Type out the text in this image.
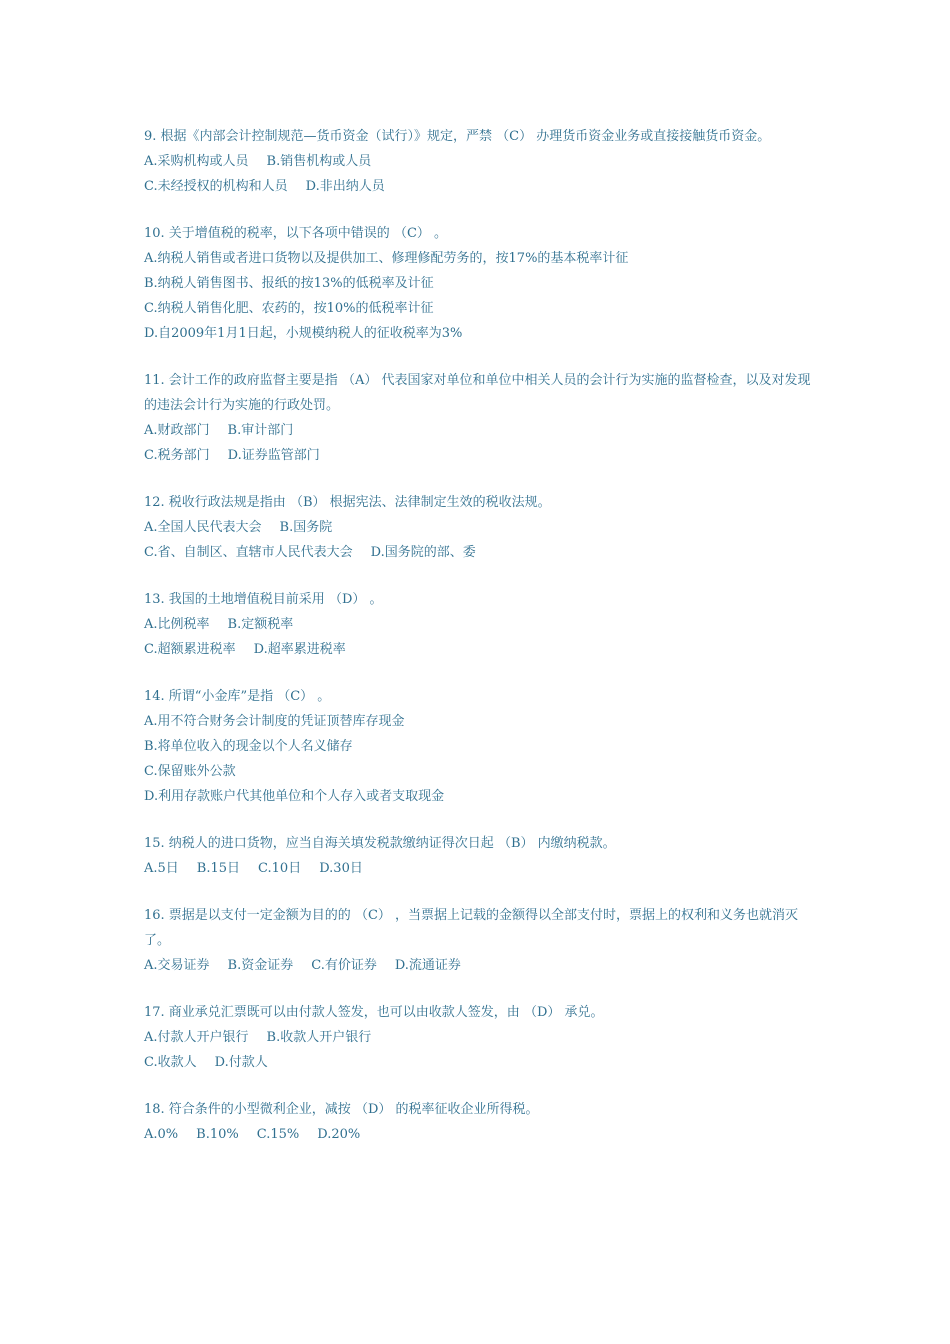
9. 根据《内部会计控制规范—货币资金（试行）》规定，严禁 （C） 办理货币资金业务或直接接触货币资金。
A.采购机构或人员 B.销售机构或人员
C.未经授权的机构和人员 D.非出纳人员
10. 关于增值税的税率，以下各项中错误的 （C） 。
A.纳税人销售或者进口货物以及提供加工、修理修配劳务的，按17%的基本税率计征
B.纳税人销售图书、报纸的按13%的低税率及计征
C.纳税人销售化肥、农药的，按10%的低税率计征
D.自2009年1月1日起，小规模纳税人的征收税率为3%
11. 会计工作的政府监督主要是指 （A） 代表国家对单位和单位中相关人员的会计行为实施的监督检查，以及对发现的违法会计行为实施的行政处罚。
A.财政部门 B.审计部门
C.税务部门 D.证券监管部门
12. 税收行政法规是指由 （B） 根据宪法、法律制定生效的税收法规。
A.全国人民代表大会 B.国务院
C.省、自制区、直辖市人民代表大会 D.国务院的部、委
13. 我国的土地增值税目前采用 （D） 。
A.比例税率 B.定额税率
C.超额累进税率 D.超率累进税率
14. 所谓“小金库”是指 （C） 。
A.用不符合财务会计制度的凭证顶替库存现金
B.将单位收入的现金以个人名义储存
C.保留账外公款
D.利用存款账户代其他单位和个人存入或者支取现金
15. 纳税人的进口货物，应当自海关填发税款缴纳证得次日起 （B） 内缴纳税款。
A.5日 B.15日 C.10日 D.30日
16. 票据是以支付一定金额为目的的 （C） ，当票据上记载的金额得以全部支付时，票据上的权利和义务也就消灭了。
A.交易证券 B.资金证券 C.有价证券 D.流通证券
17. 商业承兑汇票既可以由付款人签发，也可以由收款人签发，由 （D） 承兑。
A.付款人开户银行 B.收款人开户银行
C.收款人 D.付款人
18. 符合条件的小型微利企业，减按 （D） 的税率征收企业所得税。
A.0% B.10% C.15% D.20%
